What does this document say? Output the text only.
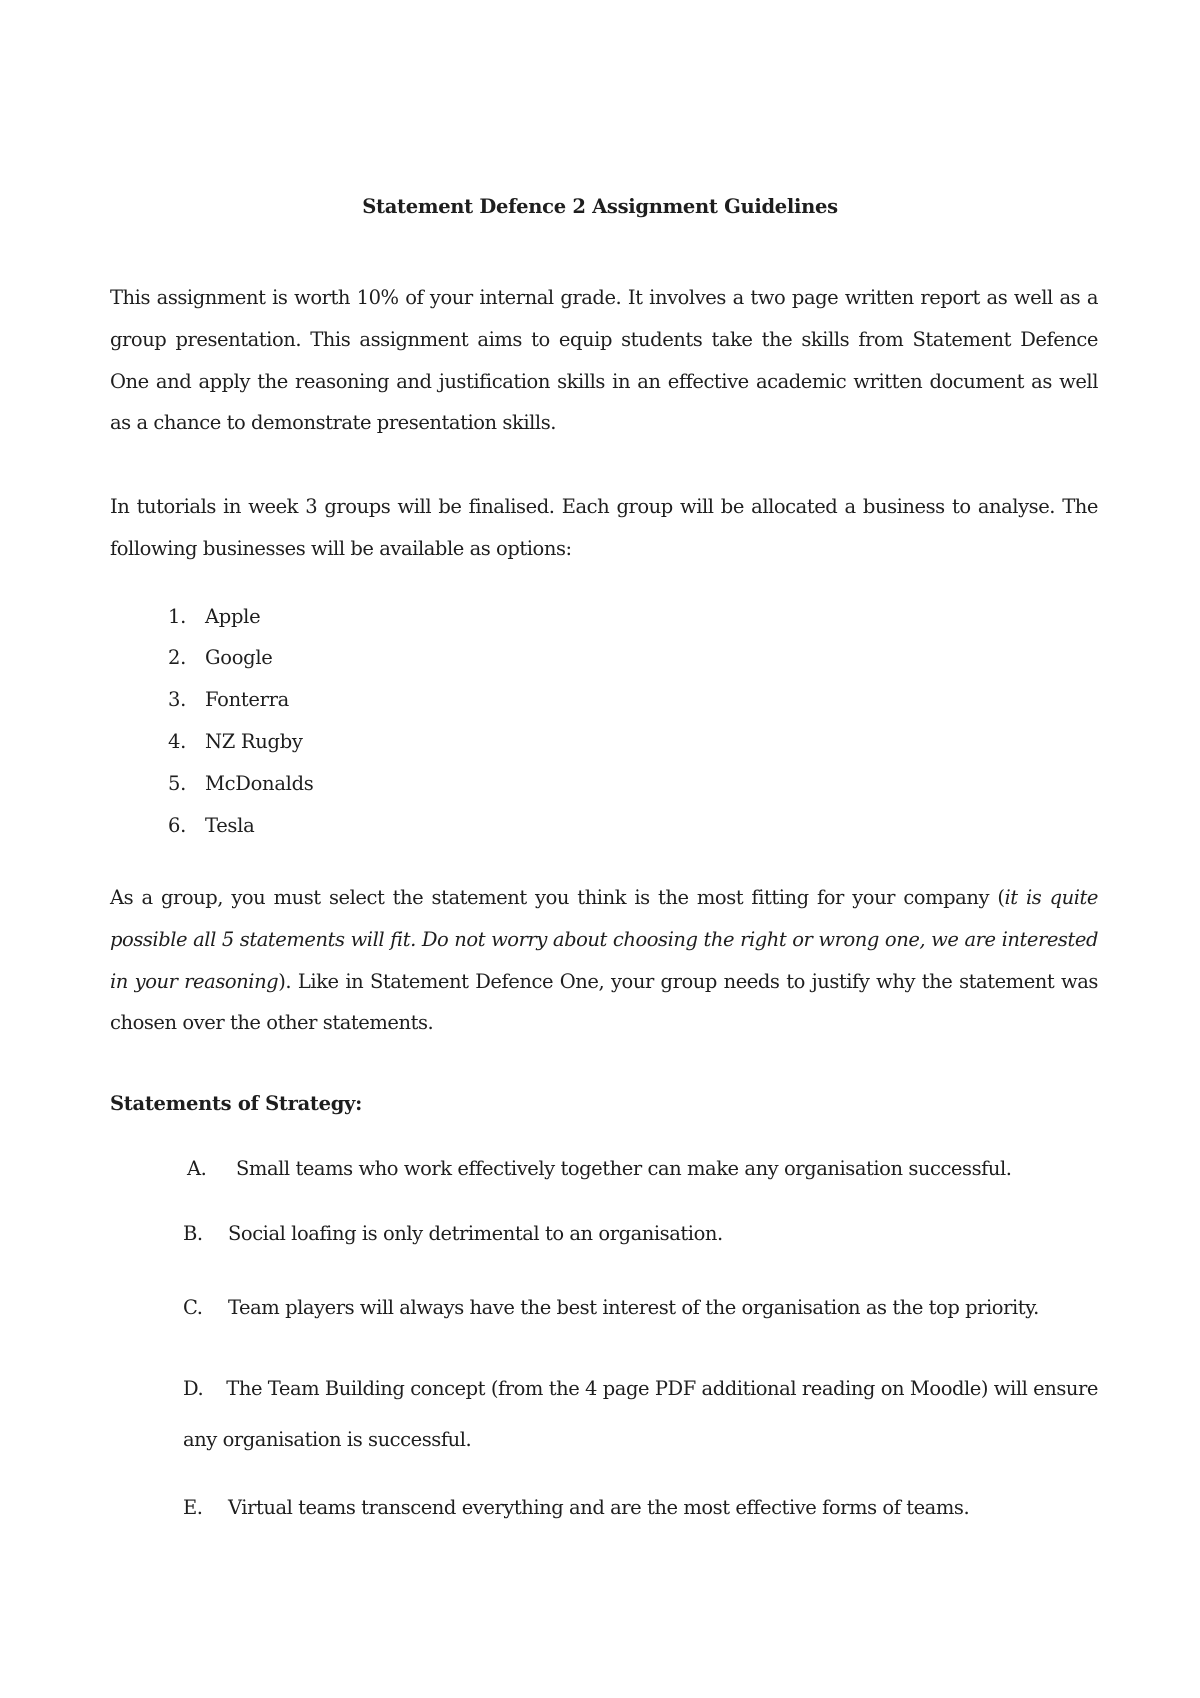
Statement Defence 2 Assignment Guidelines
This assignment is worth 10% of your internal grade. It involves a two page written report as well as a group presentation. This assignment aims to equip students take the skills from Statement Defence One and apply the reasoning and justification skills in an effective academic written document as well as a chance to demonstrate presentation skills.
In tutorials in week 3 groups will be finalised. Each group will be allocated a business to analyse. The following businesses will be available as options:
1. Apple
2. Google
3. Fonterra
4. NZ Rugby
5. McDonalds
6. Tesla
As a group, you must select the statement you think is the most fitting for your company (it is quite possible all 5 statements will fit. Do not worry about choosing the right or wrong one, we are interested in your reasoning). Like in Statement Defence One, your group needs to justify why the statement was chosen over the other statements.
Statements of Strategy:
A. Small teams who work effectively together can make any organisation successful.
B. Social loafing is only detrimental to an organisation.
C. Team players will always have the best interest of the organisation as the top priority.
D. The Team Building concept (from the 4 page PDF additional reading on Moodle) will ensure any organisation is successful.
E. Virtual teams transcend everything and are the most effective forms of teams.
